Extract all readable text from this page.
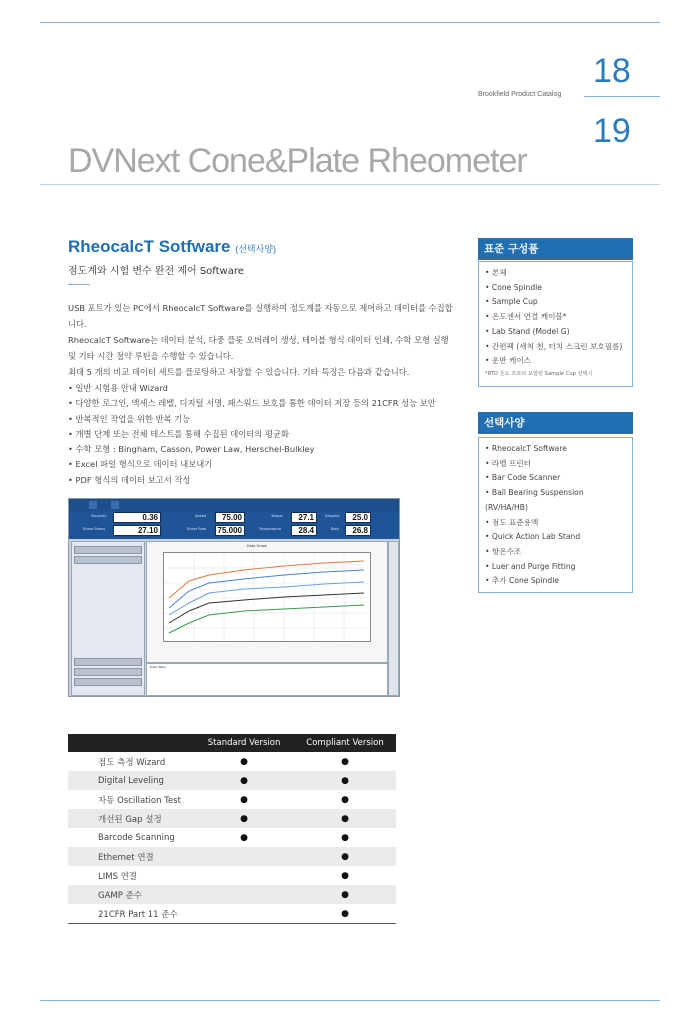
18
Brookfield Product Catalog
19
DVNext Cone&Plate Rheometer
RheocalcT Sotfware (선택사양)
점도계와 시험 변수 완전 제어 Software

USB 포트가 있는 PC에서 RheocalcT Software를 실행하여 점도계를 자동으로 제어하고 데이터를 수집합니다.

RheocalcT Software는 데이터 분석, 다중 플롯 오버레이 생성, 테이블 형식 데이터 인쇄, 수학 모형 실행 및 기타 시간 절약 루틴을 수행할 수 있습니다.

최대 5 개의 비교 데이터 세트를 플로팅하고 저장할 수 있습니다. 기타 특징은 다음과 같습니다.

• 일반 시험용 안내 Wizard
• 다양한 로그인, 액세스 레벨, 디지털 서명, 패스워드 보호를 통한 데이터 저장 등의 21CFR 성능 보안
• 반복적인 작업을 위한 반복 기능
• 개별 단계 또는 전체 테스트를 통해 수집된 데이터의 평균화
• 수학 모형 : Bingham, Casson, Power Law, Herschel-Bulkley
• Excel 파일 형식으로 데이터 내보내기
• PDF 형식의 데이터 보고서 작성
Viscosity	0.36
Shear Stress	27.10
Speed	75.00
Shear Rate	75.000
Torque	27.1
Temperature	28.4
Setpoint	25.0
Bath	26.8
Data Graph
Data Table
	Standard Version	Compliant Version
점도 측정 Wizard	●	●
Digital Leveling	●	●
자동 Oscillation Test	●	●
개선된 Gap 설정	●	●
Barcode Scanning	●	●
Ethernet 연결		●
LIMS 연결		●
GAMP 준수		●
21CFR Part 11 준수		●
표준 구성품
• 본체
• Cone Spindle
• Sample Cup
• 온도센서 연결 케이블*
• Lab Stand (Model G)
• 간편팩 (세척 천, 터치 스크린 보호필름)
• 운반 케이스
*RTD 온도 프로브 포함된 Sample Cup 선택시
선택사양
• RheocalcT Software
• 라벨 프린터
• Bar Code Scanner
• Ball Bearing Suspension
(RV/HA/HB)
• 점도 표준용액
• Quick Action Lab Stand
• 항온수조
• Luer and Purge Fitting
• 추가 Cone Spindle
